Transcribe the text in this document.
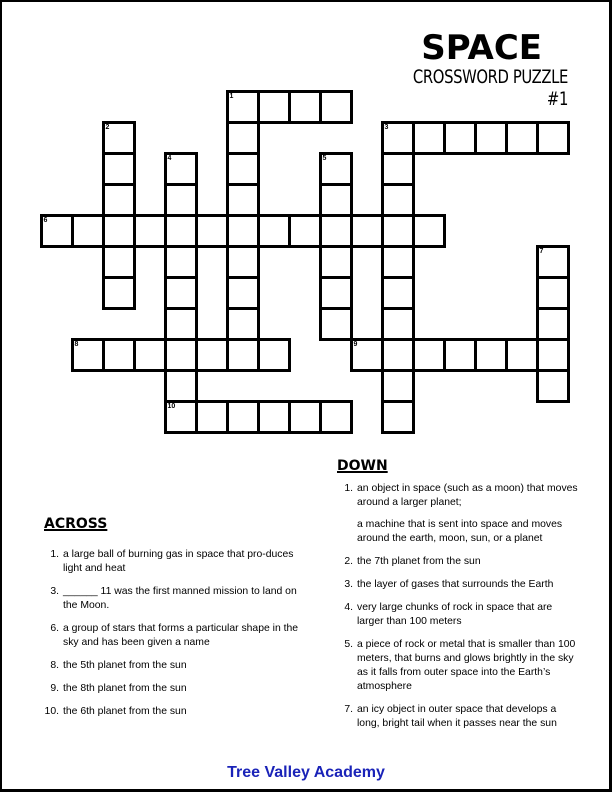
SPACE
CROSSWORD PUZZLE #1
1
2	3
4
10
5
6
7
8	9
ACROSS
1. a large ball of burning gas in space that pro-duces light and heat
3. ______ 11 was the first manned mission to land on the Moon.
6. a group of stars that forms a particular shape in the sky and has been given a name
8. the 5th planet from the sun
9. the 8th planet from the sun
10. the 6th planet from the sun
DOWN
1. an object in space (such as a moon) that moves around a larger planet;
a machine that is sent into space and moves around the earth, moon, sun, or a planet
2. the 7th planet from the sun
3. the layer of gases that surrounds the Earth
4. very large chunks of rock in space that are larger than 100 meters
5. a piece of rock or metal that is smaller than 100 meters, that burns and glows brightly in the sky as it falls from outer space into the Earth’s atmosphere
7. an icy object in outer space that develops a long, bright tail when it passes near the sun
Tree Valley Academy
